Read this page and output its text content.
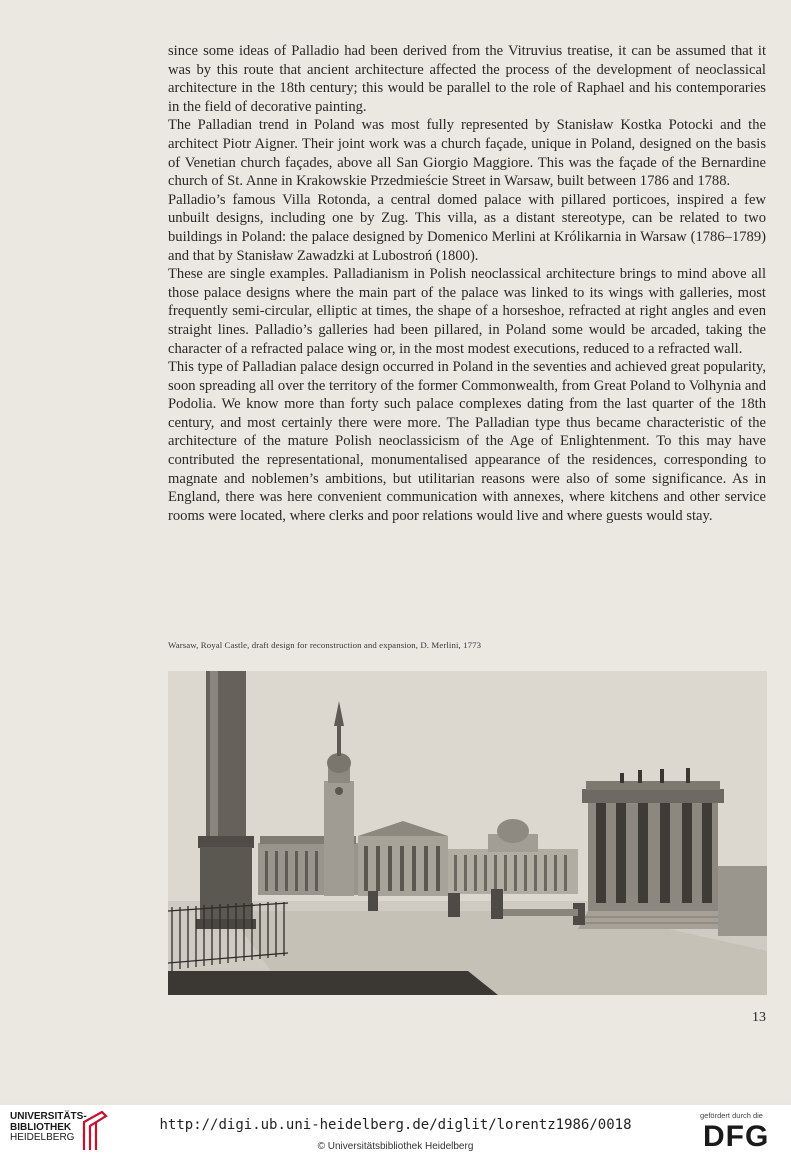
since some ideas of Palladio had been derived from the Vitruvius treatise, it can be assumed that it was by this route that ancient architecture affected the process of the development of neoclassical architecture in the 18th century; this would be parallel to the role of Raphael and his contemporaries in the field of decorative painting.

The Palladian trend in Poland was most fully represented by Stanisław Kostka Potocki and the architect Piotr Aigner. Their joint work was a church façade, unique in Poland, designed on the basis of Venetian church façades, above all San Giorgio Maggiore. This was the façade of the Bernardine church of St. Anne in Krakowskie Przedmieście Street in Warsaw, built between 1786 and 1788.

Palladio’s famous Villa Rotonda, a central domed palace with pillared porticoes, inspired a few unbuilt designs, including one by Zug. This villa, as a distant stereotype, can be related to two buildings in Poland: the palace designed by Domenico Merlini at Królikarnia in Warsaw (1786–1789) and that by Stanisław Zawadzki at Lubostroń (1800).

These are single examples. Palladianism in Polish neoclassical architecture brings to mind above all those palace designs where the main part of the palace was linked to its wings with galleries, most frequently semi-circular, elliptic at times, the shape of a horseshoe, refracted at right angles and even straight lines. Palladio’s galleries had been pillared, in Poland some would be arcaded, taking the character of a refracted palace wing or, in the most modest executions, reduced to a refracted wall.

This type of Palladian palace design occurred in Poland in the seventies and achieved great popularity, soon spreading all over the territory of the former Commonwealth, from Great Poland to Volhynia and Podolia. We know more than forty such palace complexes dating from the last quarter of the 18th century, and most certainly there were more. The Palladian type thus became characteristic of the architecture of the mature Polish neoclassicism of the Age of Enlightenment. To this may have contributed the representational, monumentalised appearance of the residences, corresponding to magnate and noblemen’s ambitions, but utilitarian reasons were also of some significance. As in England, there was here convenient communication with annexes, where kitchens and other service rooms were located, where clerks and poor relations would live and where guests would stay.

Warsaw, Royal Castle, draft design for reconstruction and expansion, D. Merlini, 1773
13
UNIVERSITÄTS-
BIBLIOTHEK
HEIDELBERG
http://digi.ub.uni-heidelberg.de/diglit/lorentz1986/0018
© Universitätsbibliothek Heidelberg
gefördert durch die
DFG
